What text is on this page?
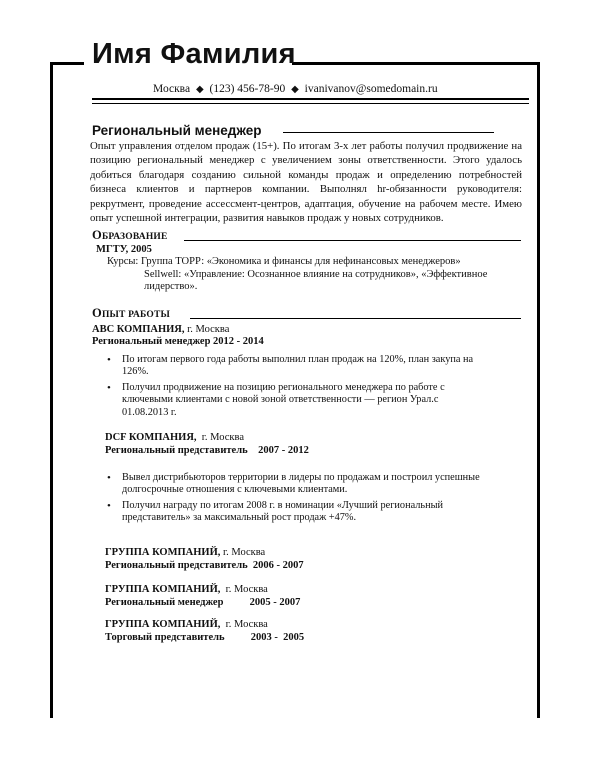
Имя Фамилия
Москва ◆ (123) 456-78-90 ◆ ivanivanov@somedomain.ru
Региональный менеджер

Опыт управления отделом продаж (15+). По итогам 3-х лет работы получил продвижение на позицию региональный менеджер с увеличением зоны ответственности. Этого удалось добиться благодаря созданию сильной команды продаж и определению потребностей бизнеса клиентов и партнеров компании. Выполнял hr-обязанности руководителя: рекрутмент, проведение ассессмент-центров, адаптация, обучение на рабочем месте. Имею опыт успешной интеграции, развития навыков продаж у новых сотрудников.

ОБРАЗОВАНИЕ
МГТУ, 2005
Курсы: Группа ТОРР: «Экономика и финансы для нефинансовых менеджеров»
Sellwell: «Управление: Осознанное влияние на сотрудников», «Эффективное
лидерство».
ОПЫТ РАБОТЫ
ABC КОМПАНИЯ, г. Москва
Региональный менеджер 2012 - 2014
• По итогам первого года работы выполнил план продаж на 120%, план закупа на 126%.
• Получил продвижение на позицию регионального менеджера по работе с ключевыми клиентами с новой зоной ответственности — регион Урал.с 01.08.2013 г.
DCF КОМПАНИЯ,  г. Москва
Региональный представитель    2007 - 2012
• Вывел дистрибьюторов территории в лидеры по продажам и построил успешные долгосрочные отношения с ключевыми клиентами.
• Получил награду по итогам 2008 г. в номинации «Лучший региональный представитель» за максимальный рост продаж +47%.
ГРУППА КОМПАНИЙ, г. Москва
Региональный представитель  2006 - 2007
ГРУППА КОМПАНИЙ,  г. Москва
Региональный менеджер          2005 - 2007
ГРУППА КОМПАНИЙ,  г. Москва
Торговый представитель          2003 -  2005
